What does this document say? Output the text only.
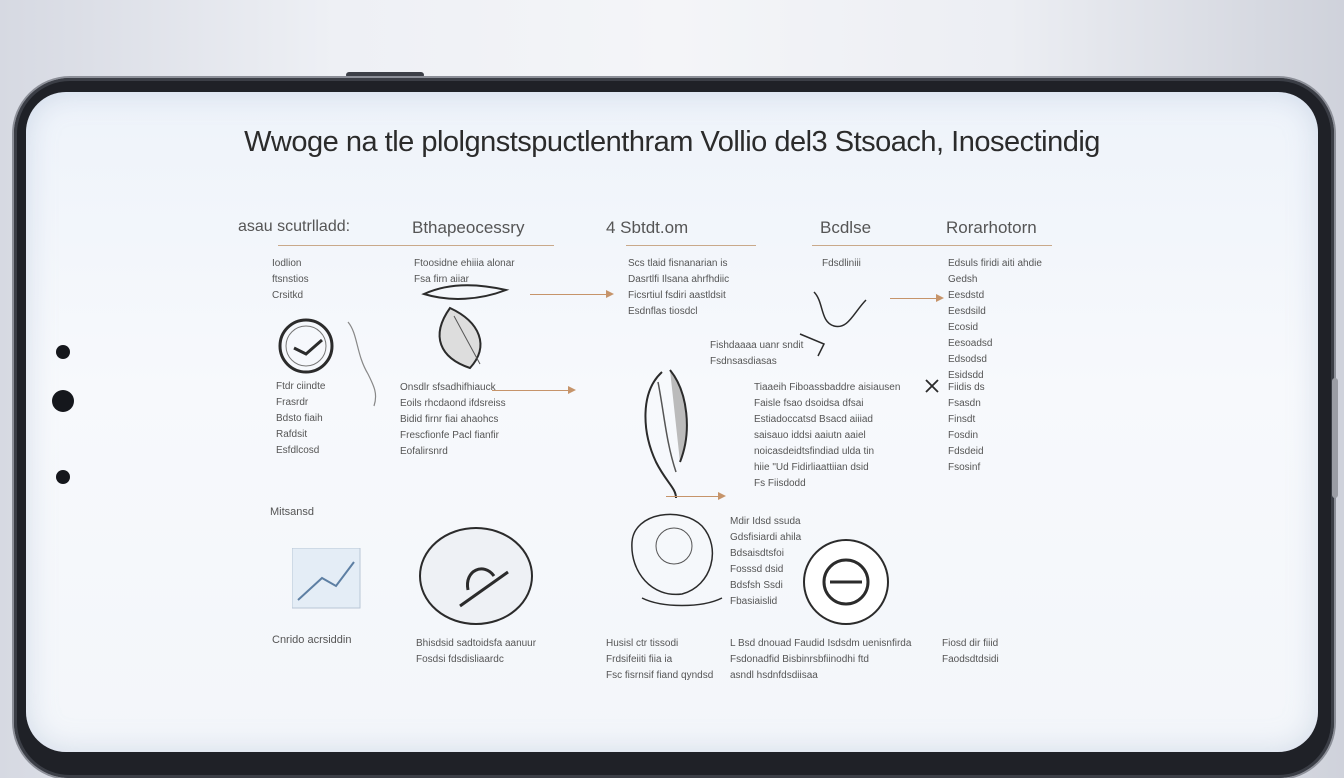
Wwoge na tle plolgnstspuctlenthram Vollio del3 Stsoach, Inosectindig
asau scutrlladd:	Bthapeocessry	4 Sbtdt.om	Bcdlse	Rorarhotorn
Iodlion
ftsnstios
Crsitkd
Ftdr ciindte
Frasrdr
Bdsto fiaih
Rafdsit
Esfdlcosd
Mitsansd
Cnrido acrsiddin
Ftoosidne ehiiia alonar
Fsa firn aiiar
Onsdlr sfsadhifhiauck
Eoils rhcdaond ifdsreiss
Bidid firnr fiai ahaohcs
Frescfionfe Pacl fianfir
Eofalirsnrd
Bhisdsid sadtoidsfa aanuur
Fosdsi fdsdisliaardc
Scs tlaid fisnanarian is
Dasrtlfi Ilsana ahrfhdiic
Ficsrtiul fsdiri aastldsit
Esdnflas tiosdcl
Fishdaaaa uanr sndit
Fsdnsasdiasas
Husisl ctr tissodi
Frdsifeiiti fiia ia
Fsc fisrnsif fiand qyndsd
Fdsdliniii
Tiaaeih Fiboassbaddre aisiausen
Faisle fsao dsoidsa dfsai
Estiadoccatsd Bsacd aiiiad
saisauo iddsi aaiutn aaiel
noicasdeidtsfindiad ulda tin
hiie "Ud Fidirliaattiian dsid
Fs Fiisdodd
Mdir Idsd ssuda
Gdsfisiardi ahila
Bdsaisdtsfoi
Fosssd dsid
Bdsfsh Ssdi
Fbasiaislid
L Bsd dnouad Faudid Isdsdm uenisnfirda
Fsdonadfid Bisbinrsbfiinodhi ftd
asndl hsdnfdsdiisaa
Edsuls firidi aiti ahdie
Gedsh
Eesdstd
Eesdsild
Ecosid
Eesoadsd
Edsodsd
Esidsdd
Fiidis ds
Fsasdn
Finsdt
Fosdin
Fdsdeid
Fsosinf
Fiosd dir fiiid
Faodsdtdsidi
